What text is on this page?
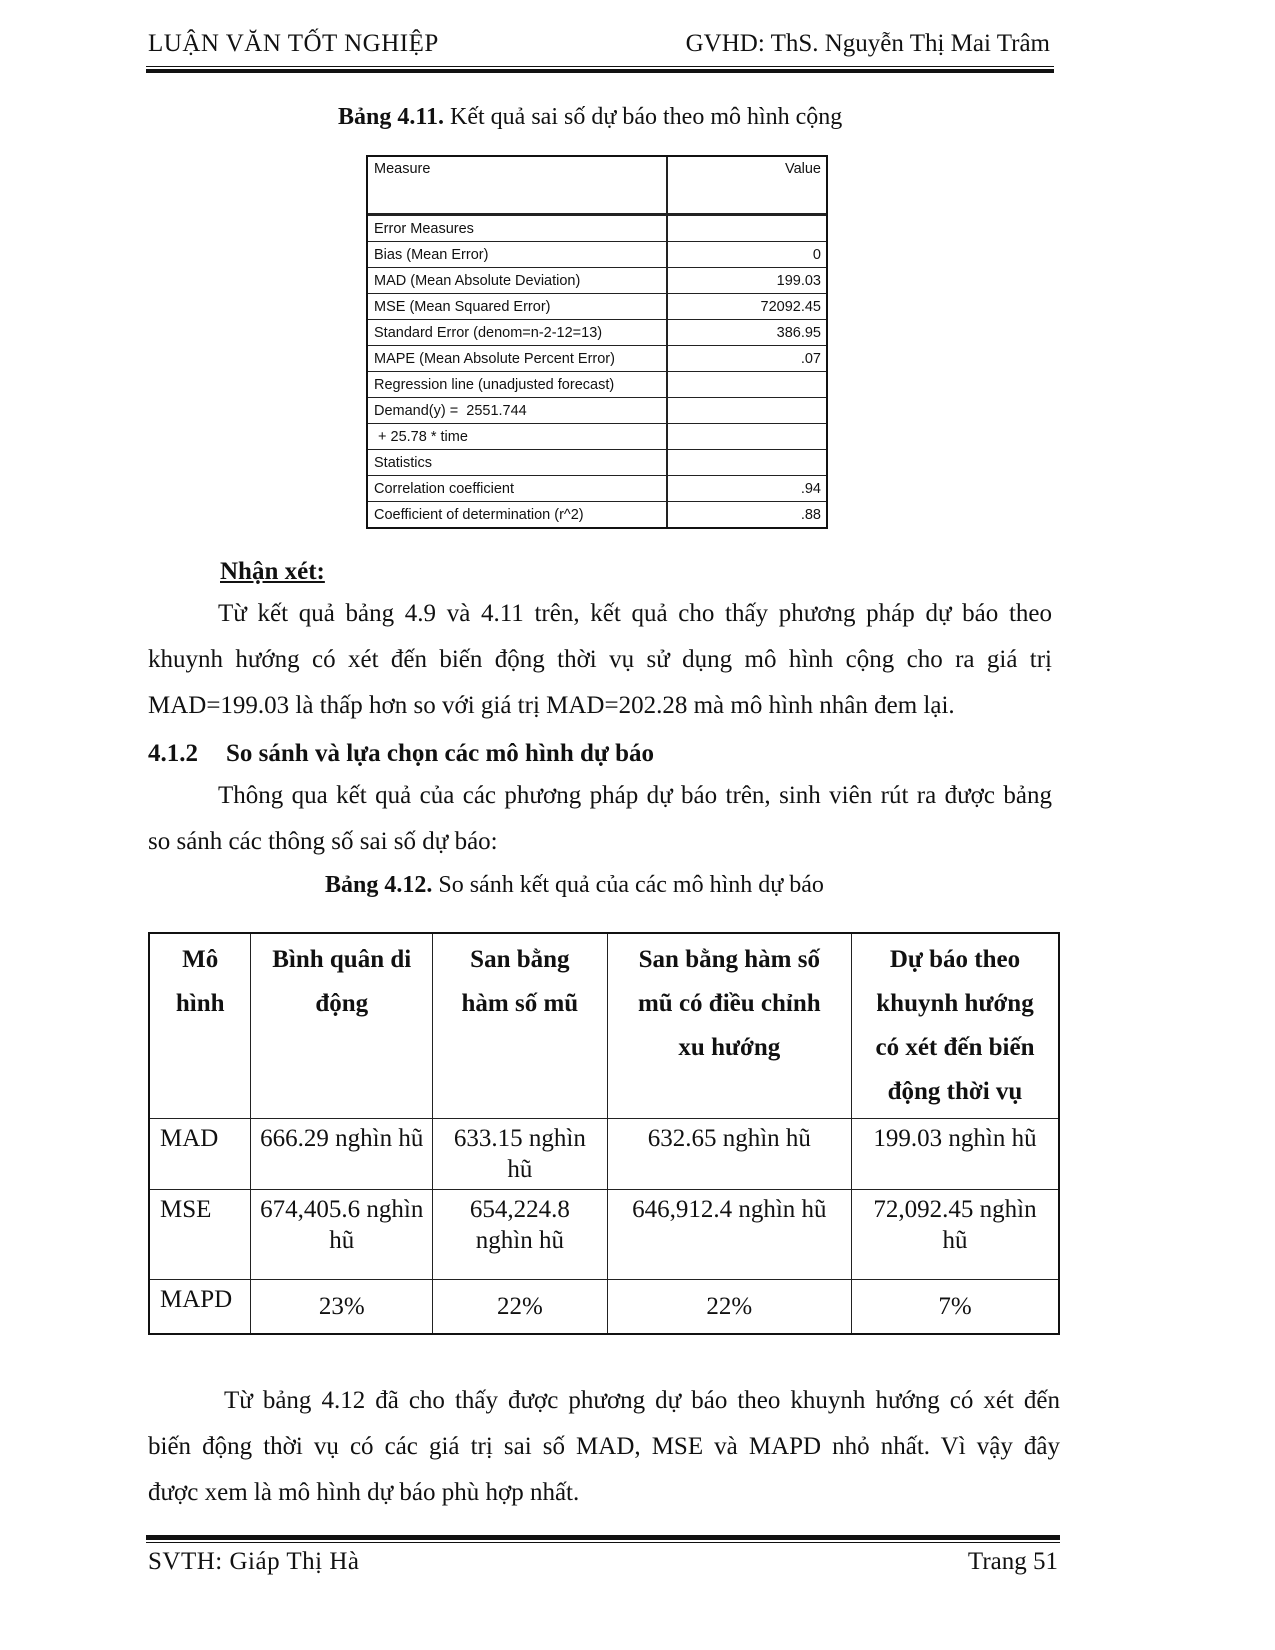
LUẬN VĂN TỐT NGHIỆP	GVHD: ThS. Nguyễn Thị Mai Trâm
Bảng 4.11. Kết quả sai số dự báo theo mô hình cộng
Measure	Value
Error Measures
Bias (Mean Error)	0
MAD (Mean Absolute Deviation)	199.03
MSE (Mean Squared Error)	72092.45
Standard Error (denom=n-2-12=13)	386.95
MAPE (Mean Absolute Percent Error)	.07
Regression line (unadjusted forecast)
Demand(y) =  2551.744
+ 25.78 * time
Statistics
Correlation coefficient	.94
Coefficient of determination (r^2)	.88
Nhận xét:
Từ kết quả bảng 4.9 và 4.11 trên, kết quả cho thấy phương pháp dự báo theo
khuynh hướng có xét đến biến động thời vụ sử dụng mô hình cộng cho ra giá trị
MAD=199.03 là thấp hơn so với giá trị MAD=202.28 mà mô hình nhân đem lại.
4.1.2 So sánh và lựa chọn các mô hình dự báo
Thông qua kết quả của các phương pháp dự báo trên, sinh viên rút ra được bảng
so sánh các thông số sai số dự báo:
Bảng 4.12. So sánh kết quả của các mô hình dự báo
Mô hình	Bình quân di động	San bằng hàm số mũ	San bằng hàm số mũ có điều chỉnh xu hướng	Dự báo theo khuynh hướng có xét đến biến động thời vụ
MAD	666.29 nghìn hũ	633.15 nghìn hũ	632.65 nghìn hũ	199.03 nghìn hũ
MSE	674,405.6 nghìn hũ	654,224.8 nghìn hũ	646,912.4 nghìn hũ	72,092.45 nghìn hũ
MAPD	23%	22%	22%	7%
Từ bảng 4.12 đã cho thấy được phương dự báo theo khuynh hướng có xét đến
biến động thời vụ có các giá trị sai số MAD, MSE và MAPD nhỏ nhất. Vì vậy đây
được xem là mô hình dự báo phù hợp nhất.
SVTH: Giáp Thị Hà	Trang 51
